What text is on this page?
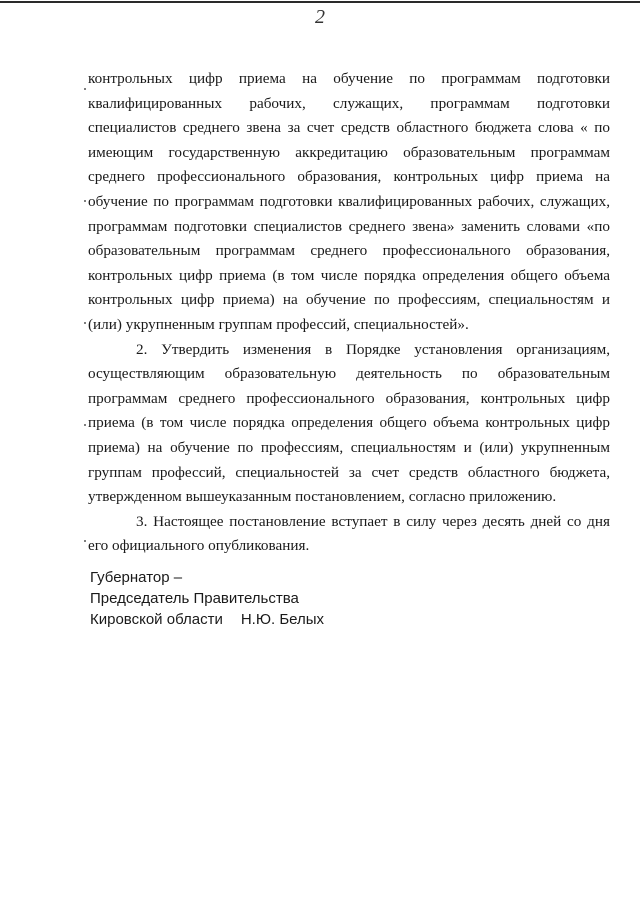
2

контрольных цифр приема на обучение по программам подготовки
квалифицированных рабочих, служащих, программам подготовки
специалистов среднего звена за счет средств областного бюджета слова « по
имеющим государственную аккредитацию образовательным программам
среднего профессионального образования, контрольных цифр приема на
обучение по программам подготовки квалифицированных рабочих, служащих,
программам подготовки специалистов среднего звена» заменить словами «по
образовательным программам среднего профессионального образования,
контрольных цифр приема (в том числе порядка определения общего объема
контрольных цифр приема) на обучение по профессиям, специальностям и
(или) укрупненным группам профессий, специальностей».

2. Утвердить изменения в Порядке установления организациям,
осуществляющим образовательную деятельность по образовательным
программам среднего профессионального образования, контрольных цифр
приема (в том числе порядка определения общего объема контрольных цифр
приема) на обучение по профессиям, специальностям и (или) укрупненным
группам профессий, специальностей за счет средств областного бюджета,
утвержденном вышеуказанным постановлением, согласно приложению.

3. Настоящее постановление вступает в силу через десять дней со дня
его официального опубликования.

Губернатор –
Председатель Правительства
Кировской области Н.Ю. Белых
